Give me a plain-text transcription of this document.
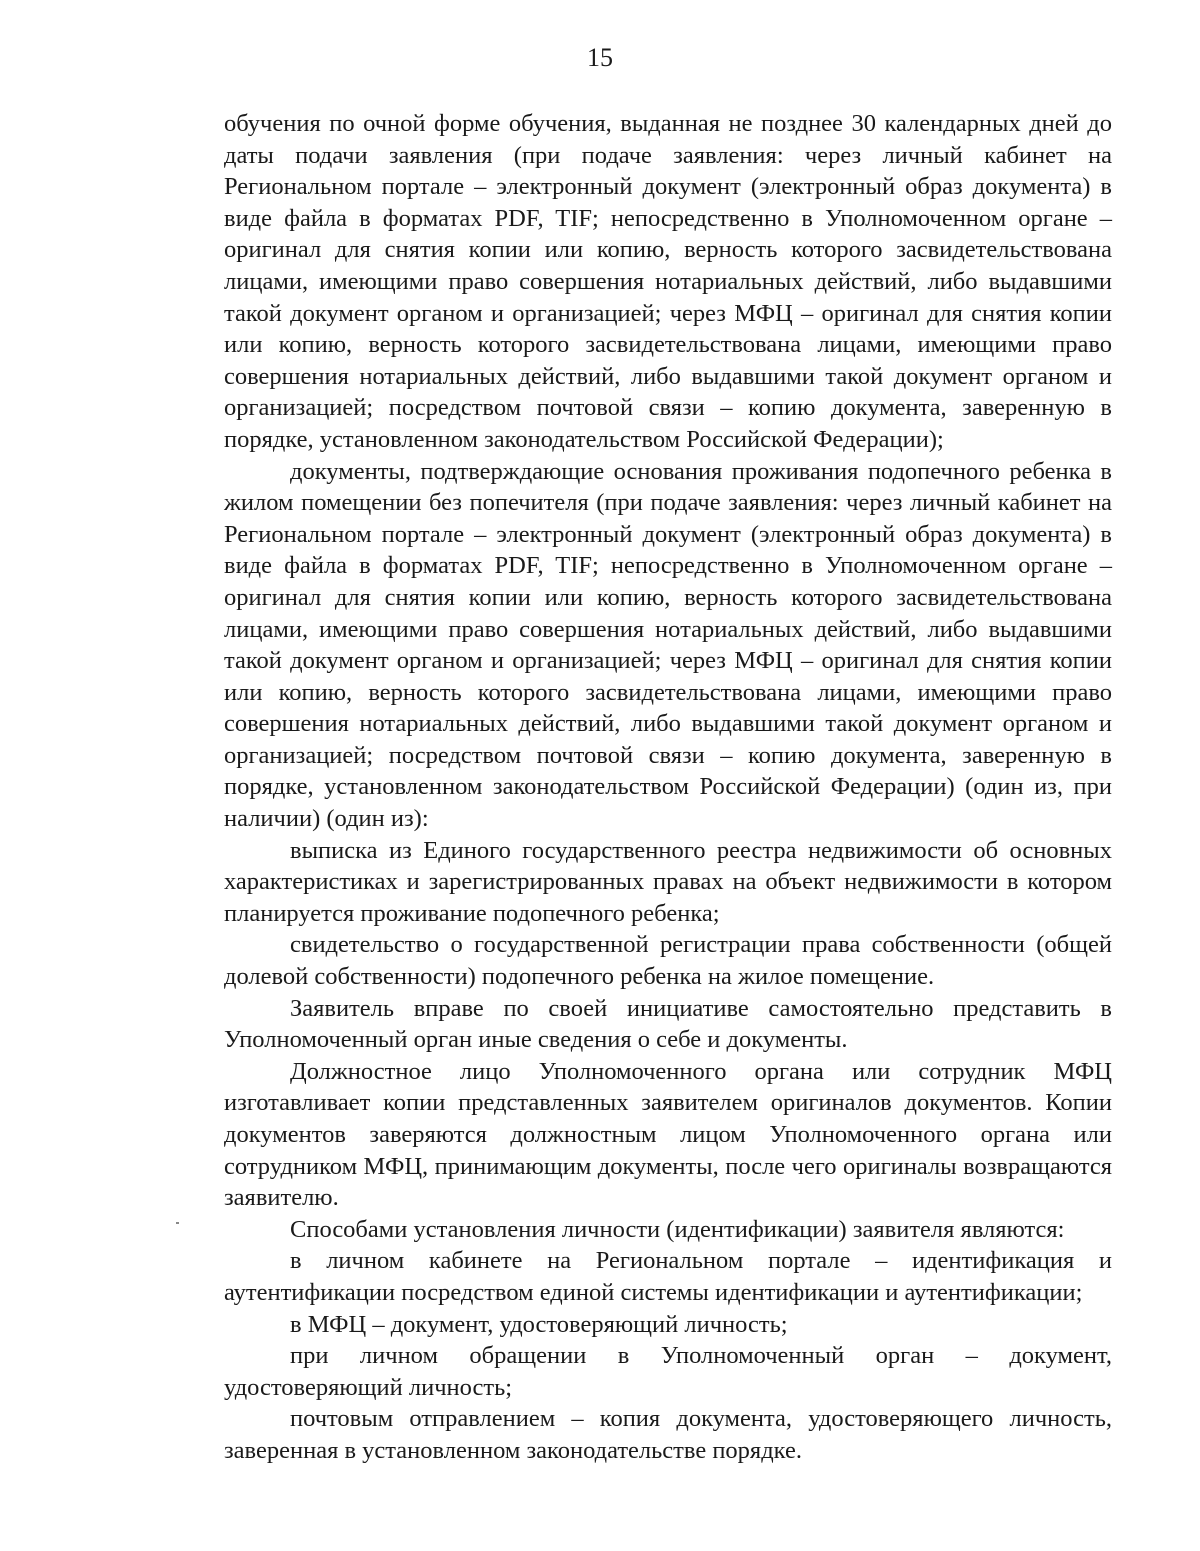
15

обучения по очной форме обучения, выданная не позднее 30 календарных дней до даты подачи заявления (при подаче заявления: через личный кабинет на Региональном портале – электронный документ (электронный образ документа) в виде файла в форматах PDF, TIF; непосредственно в Уполномоченном органе – оригинал для снятия копии или копию, верность которого засвидетельствована лицами, имеющими право совершения нотариальных действий, либо выдавшими такой документ органом и организацией; через МФЦ – оригинал для снятия копии или копию, верность которого засвидетельствована лицами, имеющими право совершения нотариальных действий, либо выдавшими такой документ органом и организацией; посредством почтовой связи – копию документа, заверенную в порядке, установленном законодательством Российской Федерации);

документы, подтверждающие основания проживания подопечного ребенка в жилом помещении без попечителя (при подаче заявления: через личный кабинет на Региональном портале – электронный документ (электронный образ документа) в виде файла в форматах PDF, TIF; непосредственно в Уполномоченном органе – оригинал для снятия копии или копию, верность которого засвидетельствована лицами, имеющими право совершения нотариальных действий, либо выдавшими такой документ органом и организацией; через МФЦ – оригинал для снятия копии или копию, верность которого засвидетельствована лицами, имеющими право совершения нотариальных действий, либо выдавшими такой документ органом и организацией; посредством почтовой связи – копию документа, заверенную в порядке, установленном законодательством Российской Федерации) (один из, при наличии) (один из):

выписка из Единого государственного реестра недвижимости об основных характеристиках и зарегистрированных правах на объект недвижимости в котором планируется проживание подопечного ребенка;

свидетельство о государственной регистрации права собственности (общей долевой собственности) подопечного ребенка на жилое помещение.

Заявитель вправе по своей инициативе самостоятельно представить в Уполномоченный орган иные сведения о себе и документы.

Должностное лицо Уполномоченного органа или сотрудник МФЦ изготавливает копии представленных заявителем оригиналов документов. Копии документов заверяются должностным лицом Уполномоченного органа или сотрудником МФЦ, принимающим документы, после чего оригиналы возвращаются заявителю.

Способами установления личности (идентификации) заявителя являются:

в личном кабинете на Региональном портале – идентификация и аутентификации посредством единой системы идентификации и аутентификации;

в МФЦ – документ, удостоверяющий личность;

при личном обращении в Уполномоченный орган – документ, удостоверяющий личность;

почтовым отправлением – копия документа, удостоверяющего личность, заверенная в установленном законодательстве порядке.
